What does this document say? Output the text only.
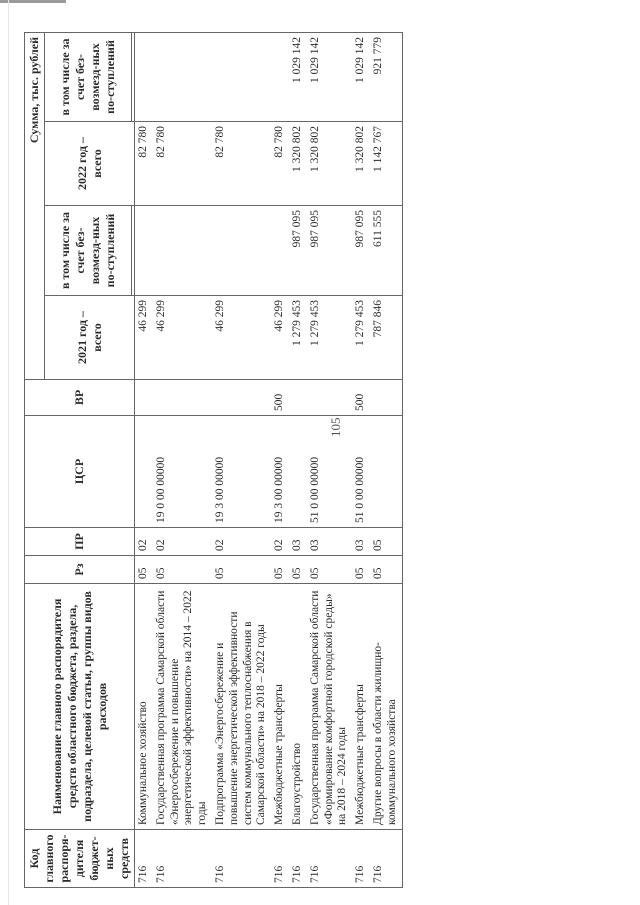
105
Код главного распоря-дителя бюджет-ных средств	Наименование главного распорядителя средств областного бюджета, раздела, подраздела, целевой статьи, группы видов расходов	Рз	ПР	ЦСР	ВР	Сумма, тыс. рублей			
						2021 год – всего	в том числе за счет без-возмезд-ных по-ступлений	2022 год – всего	в том числе за счет без-возмезд-ных по-ступлений

716	Коммунальное хозяйство	05	02			46 299		82 780	
716	Государственная программа Самарской области «Энергосбережение и повышение энергетической эффективности» на 2014 – 2022 годы	05	02	19 0 00 00000		46 299		82 780	
716	Подпрограмма «Энергосбережение и повышение энергетической эффективности систем коммунального теплоснабжения в Самарской области» на 2018 – 2022 годы	05	02	19 3 00 00000		46 299		82 780	
716	Межбюджетные трансферты	05	02	19 3 00 00000	500	46 299		82 780	
716	Благоустройство	05	03			1 279 453	987 095	1 320 802	1 029 142
716	Государственная программа Самарской области «Формирование комфортной городской среды» на 2018 – 2024 годы	05	03	51 0 00 00000		1 279 453	987 095	1 320 802	1 029 142
716	Межбюджетные трансферты	05	03	51 0 00 00000	500	1 279 453	987 095	1 320 802	1 029 142
716	Другие вопросы в области жилищно-коммунального хозяйства	05	05			787 846	611 555	1 142 767	921 779
